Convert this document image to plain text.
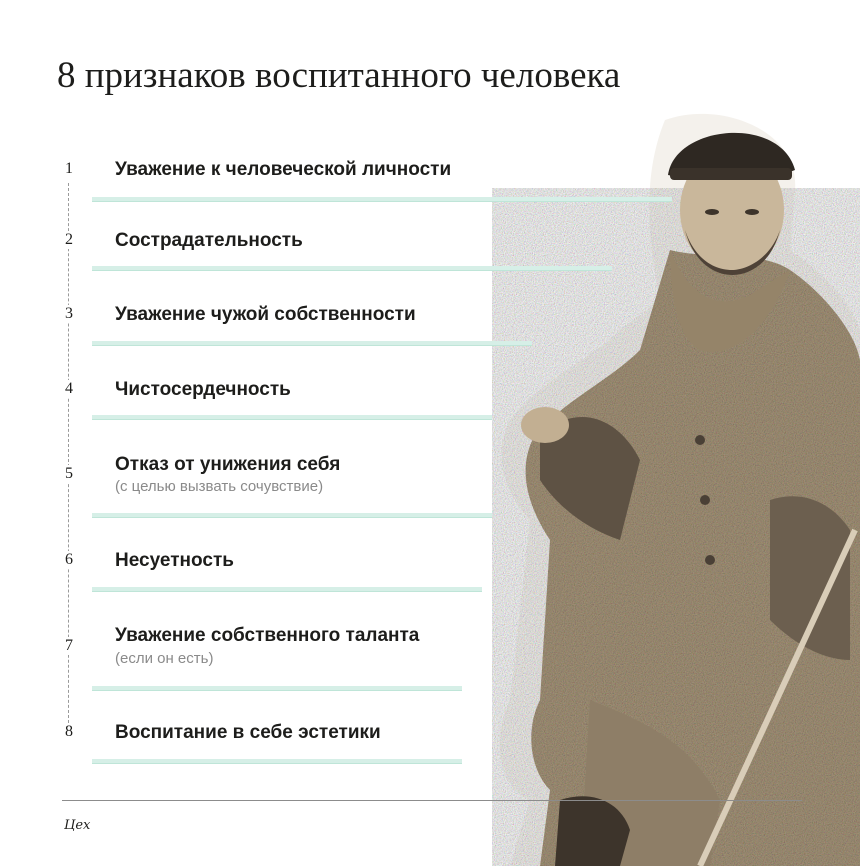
8 признаков воспитанного человека
1 Уважение к человеческой личности
2 Сострадательность
3 Уважение чужой собственности
4 Чистосердечность
5 Отказ от унижения себя
(с целью вызвать сочувствие)
6 Несуетность
7 Уважение собственного таланта
(если он есть)
8 Воспитание в себе эстетики
Цех
